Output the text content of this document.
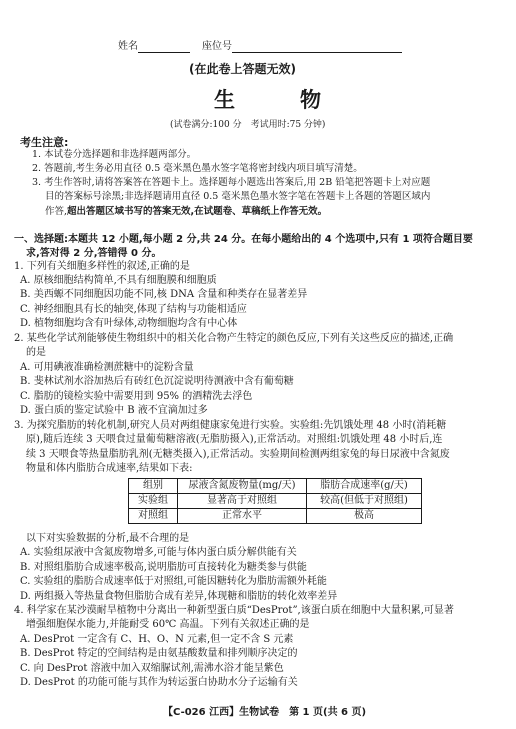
姓名	座位号
(在此卷上答题无效)
生　物
(试卷满分:100 分　考试用时:75 分钟)
考生注意:
1. 本试卷分选择题和非选择题两部分。
2. 答题前,考生务必用直径 0.5 毫米黑色墨水签字笔将密封线内项目填写清楚。
3. 考生作答时,请将答案答在答题卡上。选择题每小题选出答案后,用 2B 铅笔把答题卡上对应题
目的答案标号涂黑;非选择题请用直径 0.5 毫米黑色墨水签字笔在答题卡上各题的答题区域内
作答,超出答题区域书写的答案无效,在试题卷、草稿纸上作答无效。
一、选择题:本题共 12 小题,每小题 2 分,共 24 分。在每小题给出的 4 个选项中,只有 1 项符合题目要
求,答对得 2 分,答错得 0 分。
1. 下列有关细胞多样性的叙述,正确的是
A. 原核细胞结构简单,不具有细胞膜和细胞质
B. 美西螈不同细胞因功能不同,核 DNA 含量和种类存在显著差异
C. 神经细胞具有长的轴突,体现了结构与功能相适应
D. 植物细胞均含有叶绿体,动物细胞均含有中心体
2. 某些化学试剂能够使生物组织中的相关化合物产生特定的颜色反应,下列有关这些反应的描述,正确
的是
A. 可用碘液准确检测蔗糖中的淀粉含量
B. 斐林试剂水浴加热后有砖红色沉淀说明待测液中含有葡萄糖
C. 脂肪的镜检实验中需要用到 95% 的酒精洗去浮色
D. 蛋白质的鉴定试验中 B 液不宜滴加过多
3. 为探究脂肪的转化机制,研究人员对两组健康家兔进行实验。实验组:先饥饿处理 48 小时(消耗糖
原),随后连续 3 天喂食过量葡萄糖溶液(无脂肪摄入),正常活动。对照组:饥饿处理 48 小时后,连
续 3 天喂食等热量脂肪乳剂(无糖类摄入),正常活动。实验期间检测两组家兔的每日尿液中含氮废
物量和体内脂肪合成速率,结果如下表:
组别	尿液含氮废物量(mg/天)	脂肪合成速率(g/天)
实验组	显著高于对照组	较高(但低于对照组)
对照组	正常水平	极高
以下对实验数据的分析,最不合理的是
A. 实验组尿液中含氮废物增多,可能与体内蛋白质分解供能有关
B. 对照组脂肪合成速率极高,说明脂肪可直接转化为糖类参与供能
C. 实验组的脂肪合成速率低于对照组,可能因糖转化为脂肪需额外耗能
D. 两组摄入等热量食物但脂肪合成有差异,体现糖和脂肪的转化效率差异
4. 科学家在某沙漠耐旱植物中分离出一种新型蛋白质“DesProt”,该蛋白质在细胞中大量积累,可显著
增强细胞保水能力,并能耐受 60℃ 高温。下列有关叙述正确的是
A. DesProt 一定含有 C、H、O、N 元素,但一定不含 S 元素
B. DesProt 特定的空间结构是由氨基酸数量和排列顺序决定的
C. 向 DesProt 溶液中加入双缩脲试剂,需沸水浴才能呈紫色
D. DesProt 的功能可能与其作为转运蛋白协助水分子运输有关
【C-026 江西】生物试卷　第 1 页(共 6 页)
